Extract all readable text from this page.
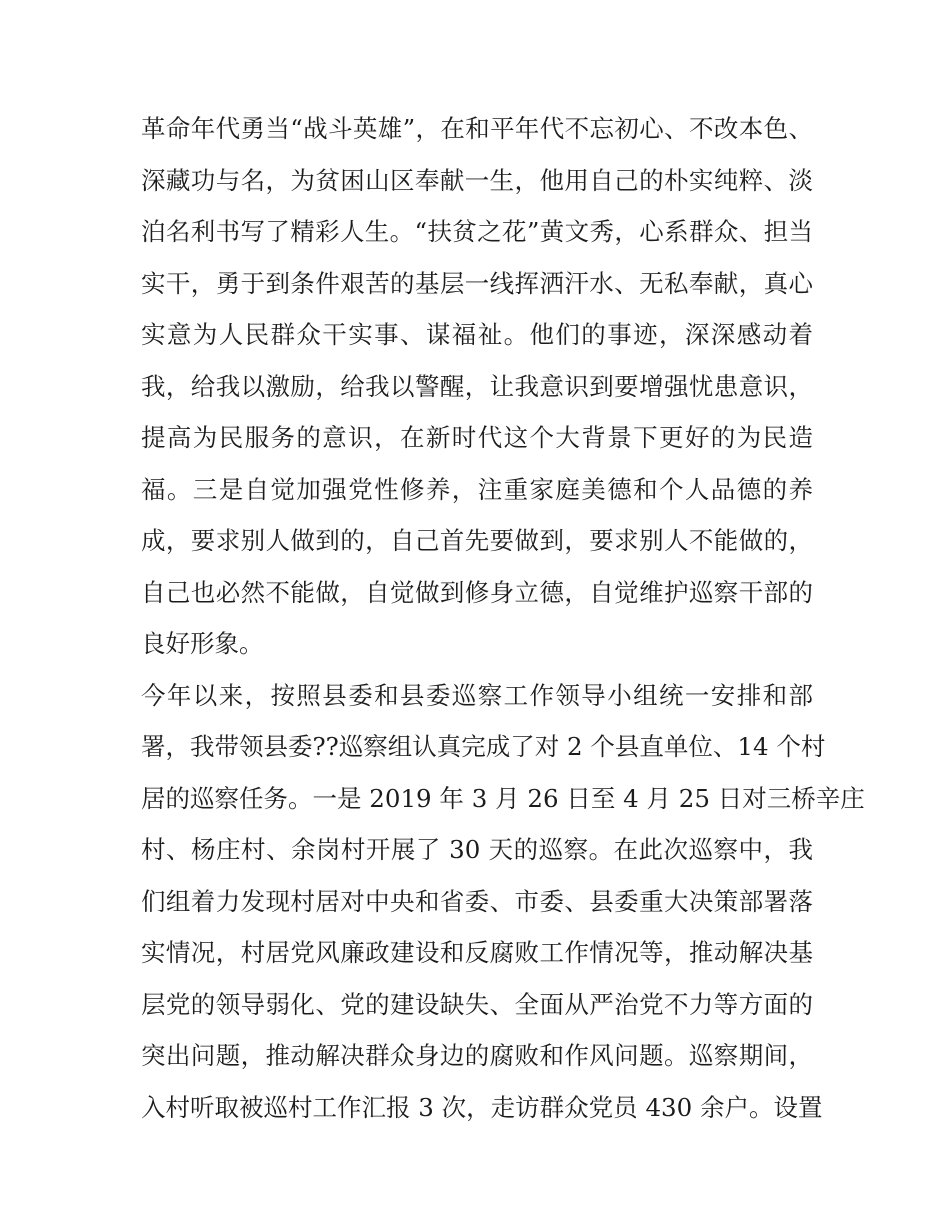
革命年代勇当“战斗英雄”，在和平年代不忘初心、不改本色、
深藏功与名，为贫困山区奉献一生，他用自己的朴实纯粹、淡
泊名利书写了精彩人生。“扶贫之花”黄文秀，心系群众、担当
实干，勇于到条件艰苦的基层一线挥洒汗水、无私奉献，真心
实意为人民群众干实事、谋福祉。他们的事迹，深深感动着
我，给我以激励，给我以警醒，让我意识到要增强忧患意识，
提高为民服务的意识，在新时代这个大背景下更好的为民造
福。三是自觉加强党性修养，注重家庭美德和个人品德的养
成，要求别人做到的，自己首先要做到，要求别人不能做的，
自己也必然不能做，自觉做到修身立德，自觉维护巡察干部的
良好形象。
今年以来，按照县委和县委巡察工作领导小组统一安排和部
署，我带领县委??巡察组认真完成了对 2 个县直单位、14 个村
居的巡察任务。一是 2019 年 3 月 26 日至 4 月 25 日对三桥辛庄
村、杨庄村、余岗村开展了 30 天的巡察。在此次巡察中，我
们组着力发现村居对中央和省委、市委、县委重大决策部署落
实情况，村居党风廉政建设和反腐败工作情况等，推动解决基
层党的领导弱化、党的建设缺失、全面从严治党不力等方面的
突出问题，推动解决群众身边的腐败和作风问题。巡察期间，
入村听取被巡村工作汇报 3 次，走访群众党员 430 余户。设置
